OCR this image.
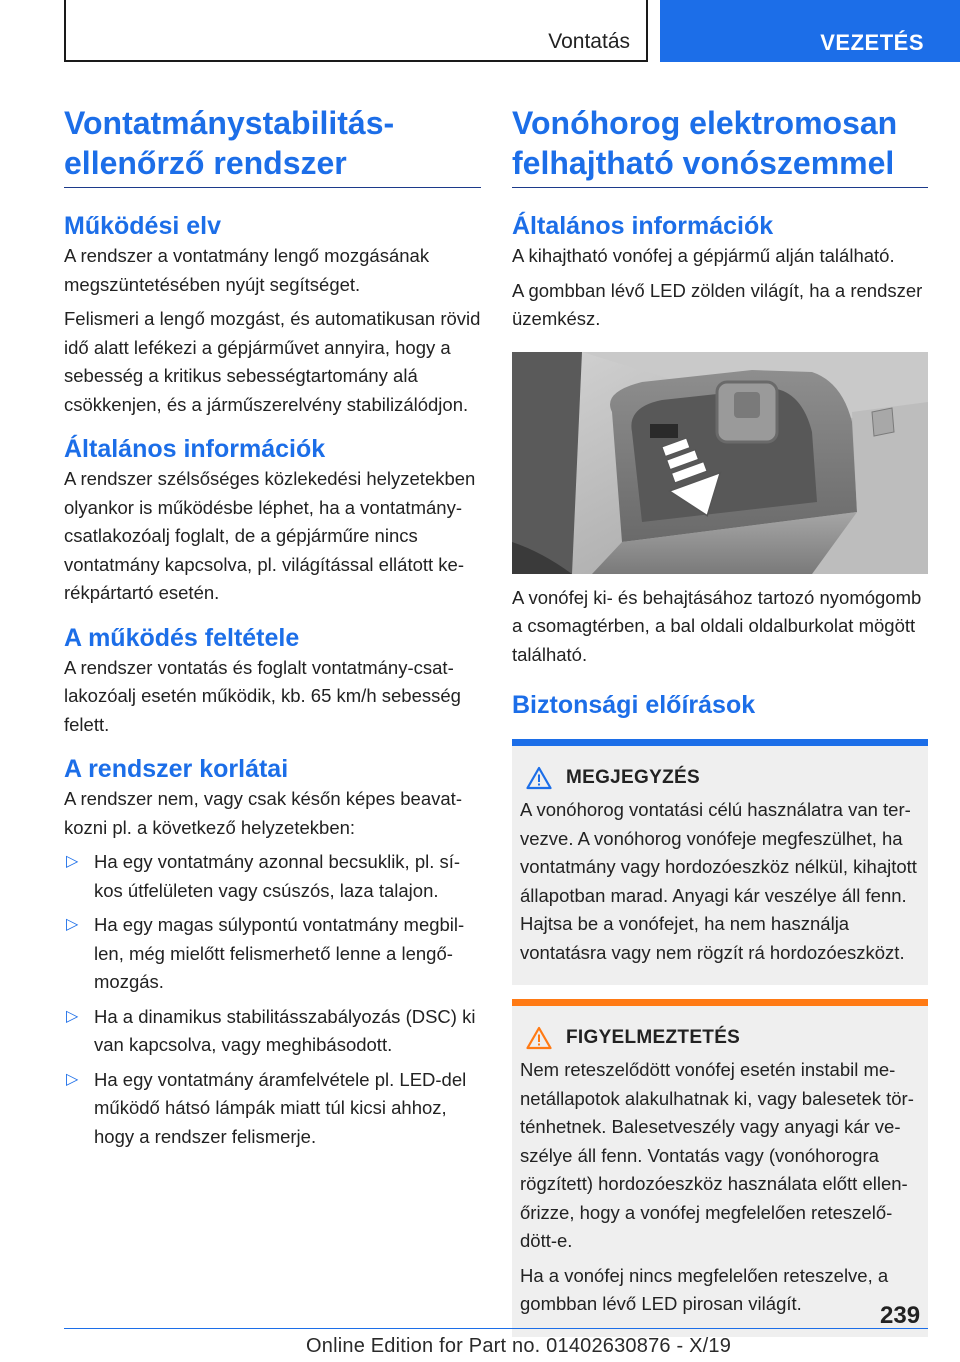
Vontatás	VEZETÉS
Vontatmánystabilitás-ellenőrző rendszer
Működési elv

A rendszer a vontatmány lengő mozgásának megszüntetésében nyújt segítséget.

Felismeri a lengő mozgást, és automatikusan rövid idő alatt lefékezi a gépjárművet annyira, hogy a sebesség a kritikus sebességtartomány alá csökkenjen, és a járműszerelvény stabilizálódjon.

Általános információk

A rendszer szélsőséges közlekedési helyzetekben olyankor is működésbe léphet, ha a vontatmány-csatlakozóalj foglalt, de a gépjárműre nincs vontatmány kapcsolva, pl. világítással ellátott kerékpártartó esetén.

A működés feltétele

A rendszer vontatás és foglalt vontatmány-csatlakozóalj esetén működik, kb. 65 km/h sebesség felett.

A rendszer korlátai

A rendszer nem, vagy csak későn képes beavatkozni pl. a következő helyzetekben:

▷ Ha egy vontatmány azonnal becsuklik, pl. síkos útfelületen vagy csúszós, laza talajon.
▷ Ha egy magas súlypontú vontatmány megbillen, még mielőtt felismerhető lenne a lengőmozgás.
▷ Ha a dinamikus stabilitásszabályozás (DSC) ki van kapcsolva, vagy meghibásodott.
▷ Ha egy vontatmány áramfelvétele pl. LED-del működő hátsó lámpák miatt túl kicsi ahhoz, hogy a rendszer felismerje.
Vonóhorog elektromosan felhajtható vonószemmel
Általános információk

A kihajtható vonófej a gépjármű alján található.

A gombban lévő LED zölden világít, ha a rendszer üzemkész.

A vonófej ki- és behajtásához tartozó nyomógomb a csomagtérben, a bal oldali oldalburkolat mögött található.

Biztonsági előírások
MEGJEGYZÉS

A vonóhorog vontatási célú használatra van tervezve. A vonóhorog vonófeje megfeszülhet, ha vontatmány vagy hordozóeszköz nélkül, kihajtott állapotban marad. Anyagi kár veszélye áll fenn. Hajtsa be a vonófejet, ha nem használja vontatásra vagy nem rögzít rá hordozóeszközt.

FIGYELMEZTETÉS

Nem reteszelődött vonófej esetén instabil menetállapotok alakulhatnak ki, vagy balesetek történhetnek. Balesetveszély vagy anyagi kár veszélye áll fenn. Vontatás vagy (vonóhorogra rögzített) hordozóeszköz használata előtt ellenőrizze, hogy a vonófej megfelelően reteszelődött-e.

Ha a vonófej nincs megfelelően reteszelve, a gombban lévő LED pirosan világít.	239
Online Edition for Part no. 01402630876 - X/19
